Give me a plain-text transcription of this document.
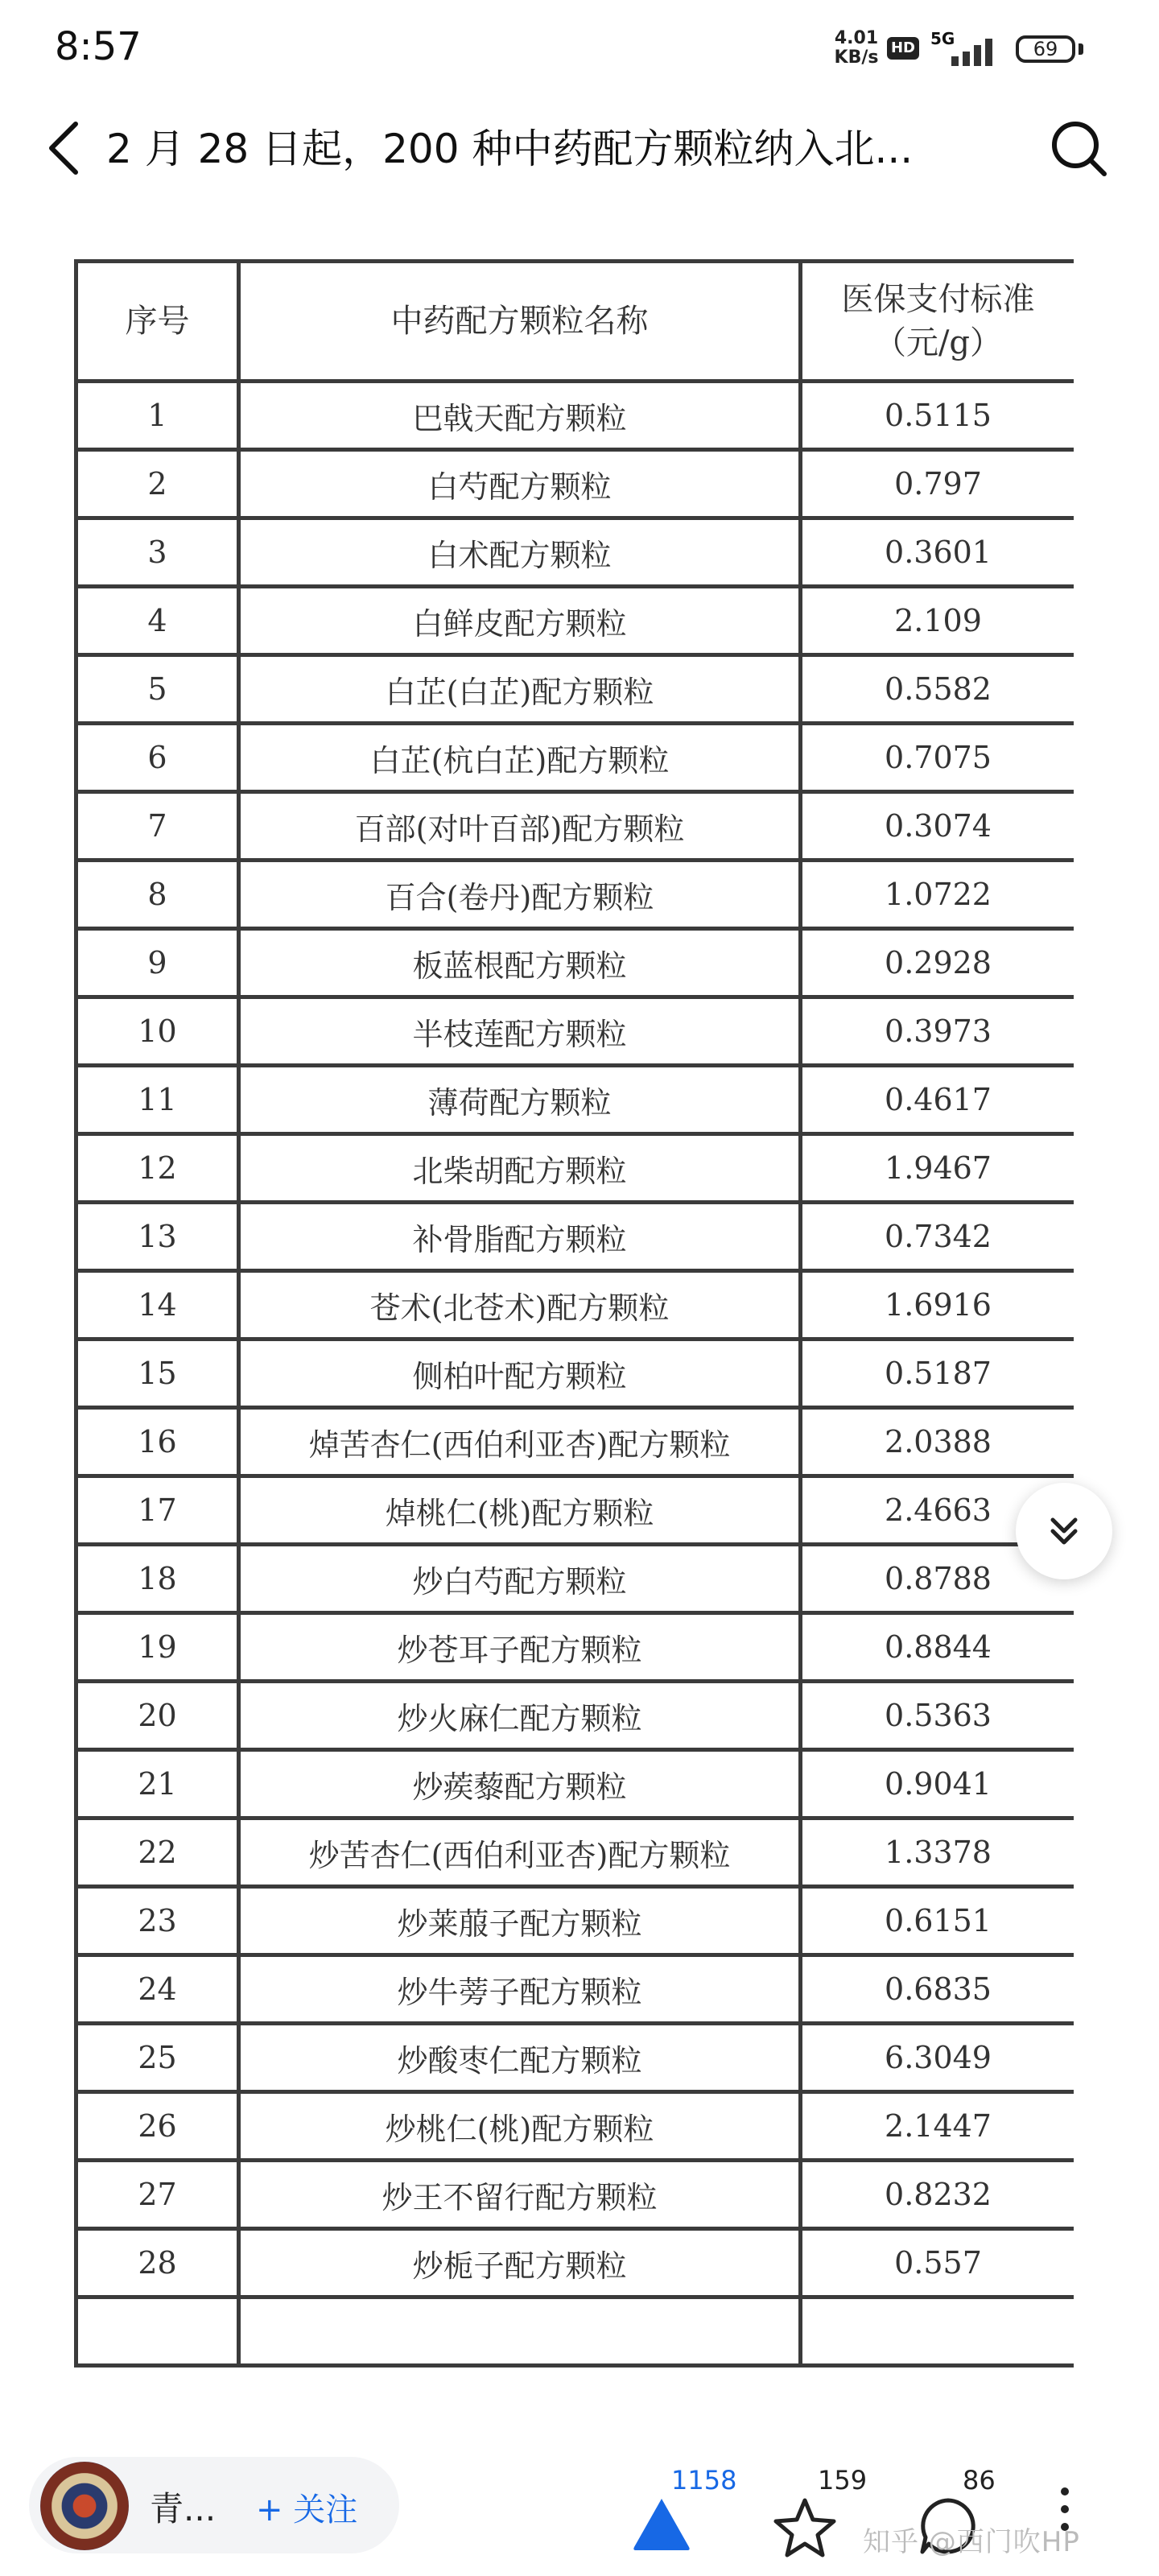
8:57	4.01
KB/s HD 5G	69
2 月 28 日起，200 种中药配方颗粒纳入北...
序号	中药配方颗粒名称	医保支付标准
（元/g）

1	巴戟天配方颗粒	0.5115
2	白芍配方颗粒	0.797
3	白术配方颗粒	0.3601
4	白鲜皮配方颗粒	2.109
5	白芷(白芷)配方颗粒	0.5582
6	白芷(杭白芷)配方颗粒	0.7075
7	百部(对叶百部)配方颗粒	0.3074
8	百合(卷丹)配方颗粒	1.0722
9	板蓝根配方颗粒	0.2928
10	半枝莲配方颗粒	0.3973
11	薄荷配方颗粒	0.4617
12	北柴胡配方颗粒	1.9467
13	补骨脂配方颗粒	0.7342
14	苍术(北苍术)配方颗粒	1.6916
15	侧柏叶配方颗粒	0.5187
16	焯苦杏仁(西伯利亚杏)配方颗粒	2.0388
17	焯桃仁(桃)配方颗粒	2.4663
18	炒白芍配方颗粒	0.8788
19	炒苍耳子配方颗粒	0.8844
20	炒火麻仁配方颗粒	0.5363
21	炒蒺藜配方颗粒	0.9041
22	炒苦杏仁(西伯利亚杏)配方颗粒	1.3378
23	炒莱菔子配方颗粒	0.6151
24	炒牛蒡子配方颗粒	0.6835
25	炒酸枣仁配方颗粒	6.3049
26	炒桃仁(桃)配方颗粒	2.1447
27	炒王不留行配方颗粒	0.8232
28	炒栀子配方颗粒	0.557

青... + 关注
1158	159	86
知乎 @西门吹HP
